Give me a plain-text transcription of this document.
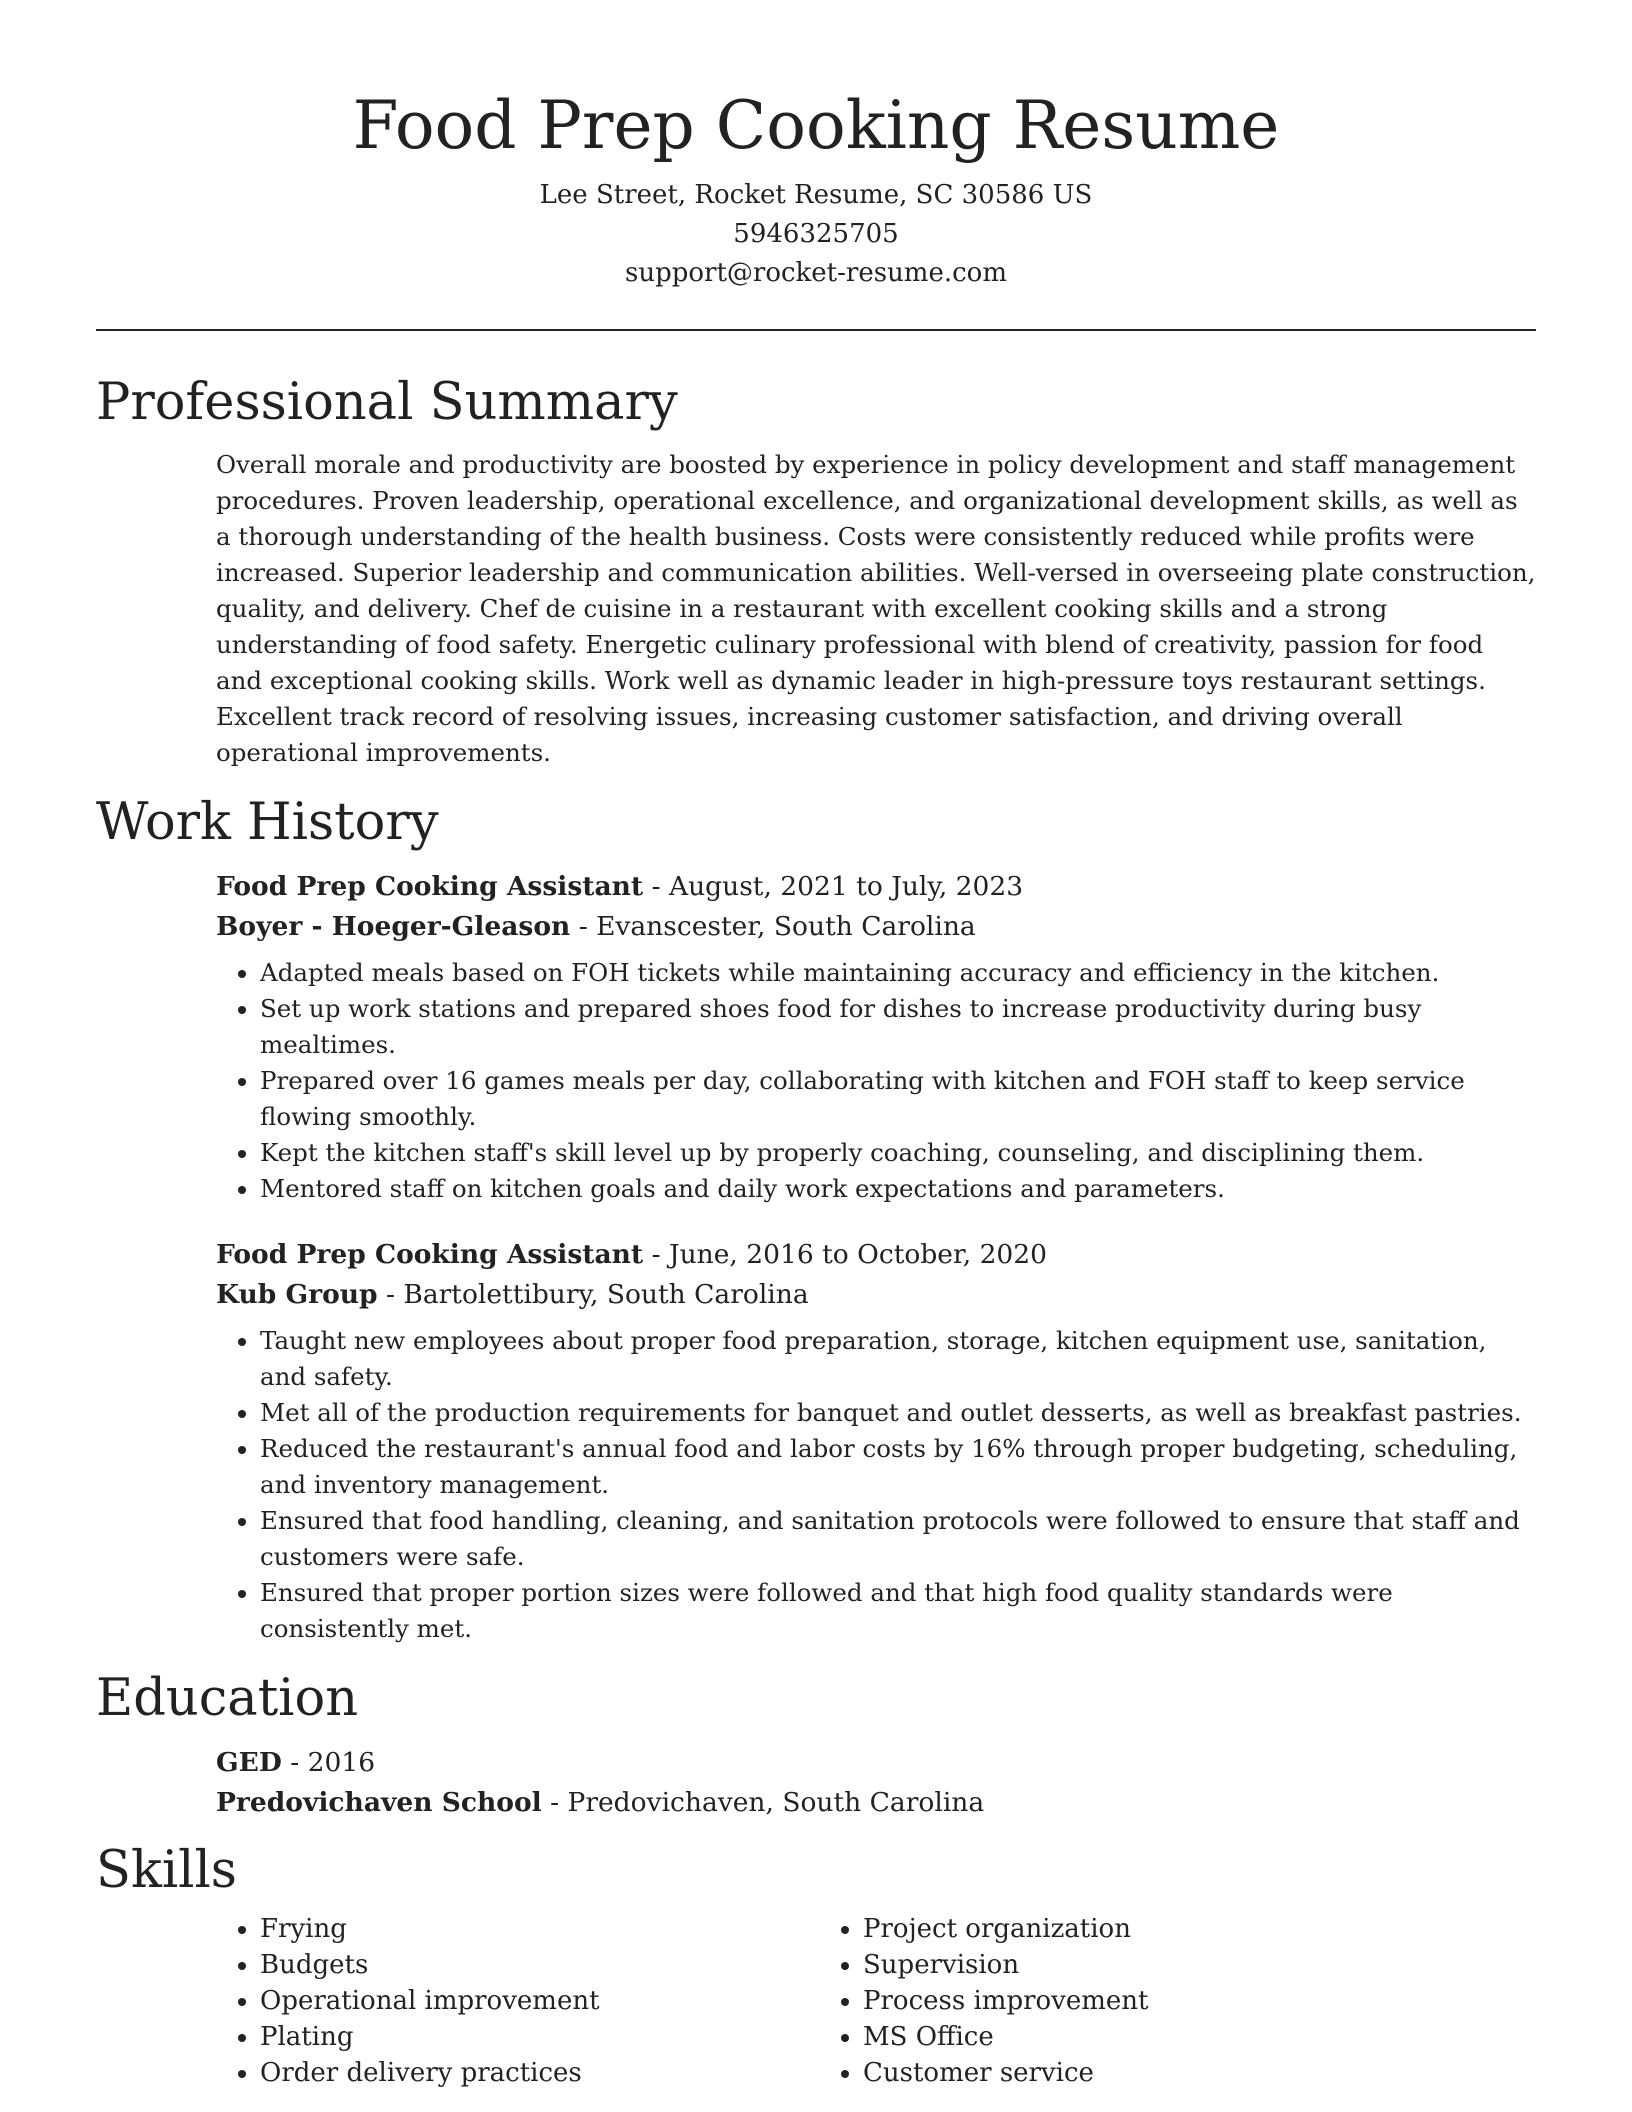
Food Prep Cooking Resume
Lee Street, Rocket Resume, SC 30586 US
5946325705
support@rocket-resume.com
Professional Summary
Overall morale and productivity are boosted by experience in policy development and staff management procedures. Proven leadership, operational excellence, and organizational development skills, as well as a thorough understanding of the health business. Costs were consistently reduced while profits were increased. Superior leadership and communication abilities. Well-versed in overseeing plate construction, quality, and delivery. Chef de cuisine in a restaurant with excellent cooking skills and a strong understanding of food safety. Energetic culinary professional with blend of creativity, passion for food and exceptional cooking skills. Work well as dynamic leader in high-pressure toys restaurant settings. Excellent track record of resolving issues, increasing customer satisfaction, and driving overall operational improvements.
Work History
Food Prep Cooking Assistant - August, 2021 to July, 2023
Boyer - Hoeger-Gleason - Evanscester, South Carolina
• Adapted meals based on FOH tickets while maintaining accuracy and efficiency in the kitchen.
• Set up work stations and prepared shoes food for dishes to increase productivity during busy mealtimes.
• Prepared over 16 games meals per day, collaborating with kitchen and FOH staff to keep service flowing smoothly.
• Kept the kitchen staff's skill level up by properly coaching, counseling, and disciplining them.
• Mentored staff on kitchen goals and daily work expectations and parameters.
Food Prep Cooking Assistant - June, 2016 to October, 2020
Kub Group - Bartolettibury, South Carolina
• Taught new employees about proper food preparation, storage, kitchen equipment use, sanitation, and safety.
• Met all of the production requirements for banquet and outlet desserts, as well as breakfast pastries.
• Reduced the restaurant's annual food and labor costs by 16% through proper budgeting, scheduling, and inventory management.
• Ensured that food handling, cleaning, and sanitation protocols were followed to ensure that staff and customers were safe.
• Ensured that proper portion sizes were followed and that high food quality standards were consistently met.
Education
GED - 2016
Predovichaven School - Predovichaven, South Carolina
Skills
• Frying
• Budgets
• Operational improvement
• Plating
• Order delivery practices
• Project organization
• Supervision
• Process improvement
• MS Office
• Customer service
